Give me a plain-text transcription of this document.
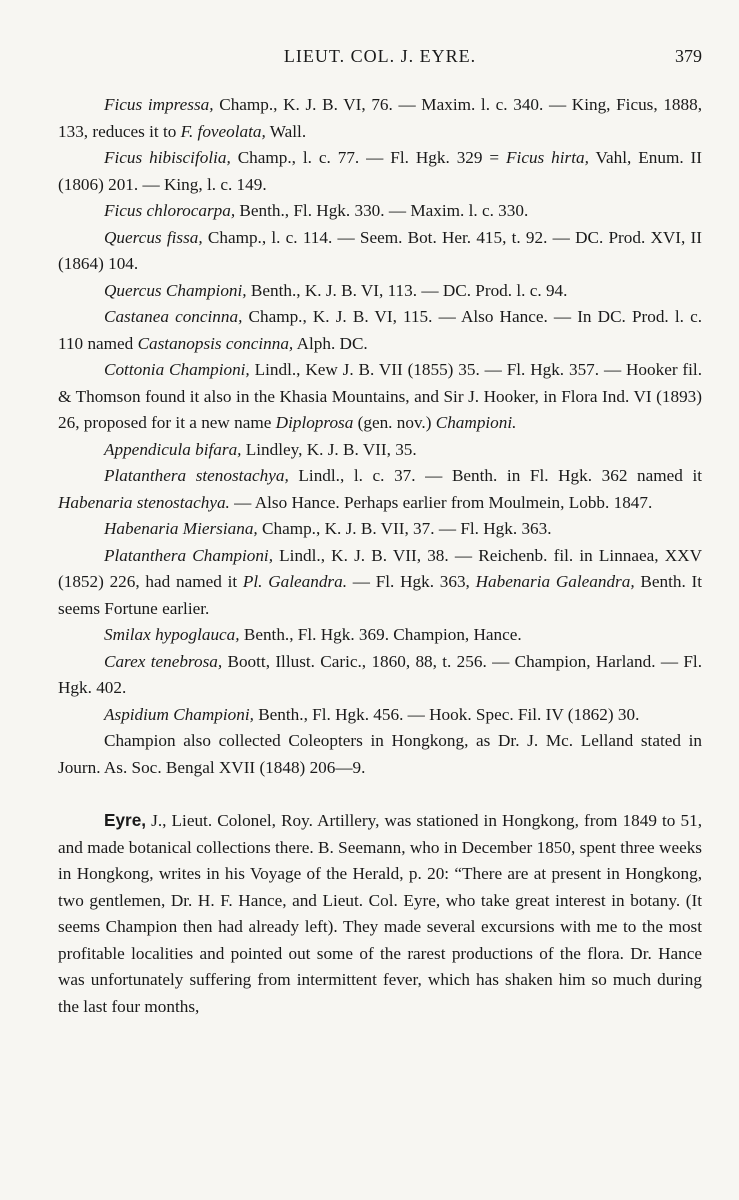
LIEUT. COL. J. EYRE.	379

Ficus impressa, Champ., K. J. B. VI, 76. — Maxim. l. c. 340. — King, Ficus, 1888, 133, reduces it to F. foveolata, Wall.

Ficus hibiscifolia, Champ., l. c. 77. — Fl. Hgk. 329 = Ficus hirta, Vahl, Enum. II (1806) 201. — King, l. c. 149.

Ficus chlorocarpa, Benth., Fl. Hgk. 330. — Maxim. l. c. 330.

Quercus fissa, Champ., l. c. 114. — Seem. Bot. Her. 415, t. 92. — DC. Prod. XVI, II (1864) 104.

Quercus Championi, Benth., K. J. B. VI, 113. — DC. Prod. l. c. 94.

Castanea concinna, Champ., K. J. B. VI, 115. — Also Hance. — In DC. Prod. l. c. 110 named Castanopsis concinna, Alph. DC.

Cottonia Championi, Lindl., Kew J. B. VII (1855) 35. — Fl. Hgk. 357. — Hooker fil. & Thomson found it also in the Khasia Mountains, and Sir J. Hooker, in Flora Ind. VI (1893) 26, proposed for it a new name Diploprosa (gen. nov.) Championi.

Appendicula bifara, Lindley, K. J. B. VII, 35.

Platanthera stenostachya, Lindl., l. c. 37. — Benth. in Fl. Hgk. 362 named it Habenaria stenostachya. — Also Hance. Perhaps earlier from Moulmein, Lobb. 1847.

Habenaria Miersiana, Champ., K. J. B. VII, 37. — Fl. Hgk. 363.

Platanthera Championi, Lindl., K. J. B. VII, 38. — Reichenb. fil. in Linnaea, XXV (1852) 226, had named it Pl. Galeandra. — Fl. Hgk. 363, Habenaria Galeandra, Benth. It seems Fortune earlier.

Smilax hypoglauca, Benth., Fl. Hgk. 369. Champion, Hance.

Carex tenebrosa, Boott, Illust. Caric., 1860, 88, t. 256. — Champion, Harland. — Fl. Hgk. 402.

Aspidium Championi, Benth., Fl. Hgk. 456. — Hook. Spec. Fil. IV (1862) 30.

Champion also collected Coleopters in Hongkong, as Dr. J. Mc. Lelland stated in Journ. As. Soc. Bengal XVII (1848) 206—9.

Eyre, J., Lieut. Colonel, Roy. Artillery, was stationed in Hongkong, from 1849 to 51, and made botanical collections there. B. Seemann, who in December 1850, spent three weeks in Hongkong, writes in his Voyage of the Herald, p. 20: “There are at present in Hongkong, two gentlemen, Dr. H. F. Hance, and Lieut. Col. Eyre, who take great interest in botany. (It seems Champion then had already left). They made several excursions with me to the most profitable localities and pointed out some of the rarest productions of the flora. Dr. Hance was unfortunately suffering from intermittent fever, which has shaken him so much during the last four months,
